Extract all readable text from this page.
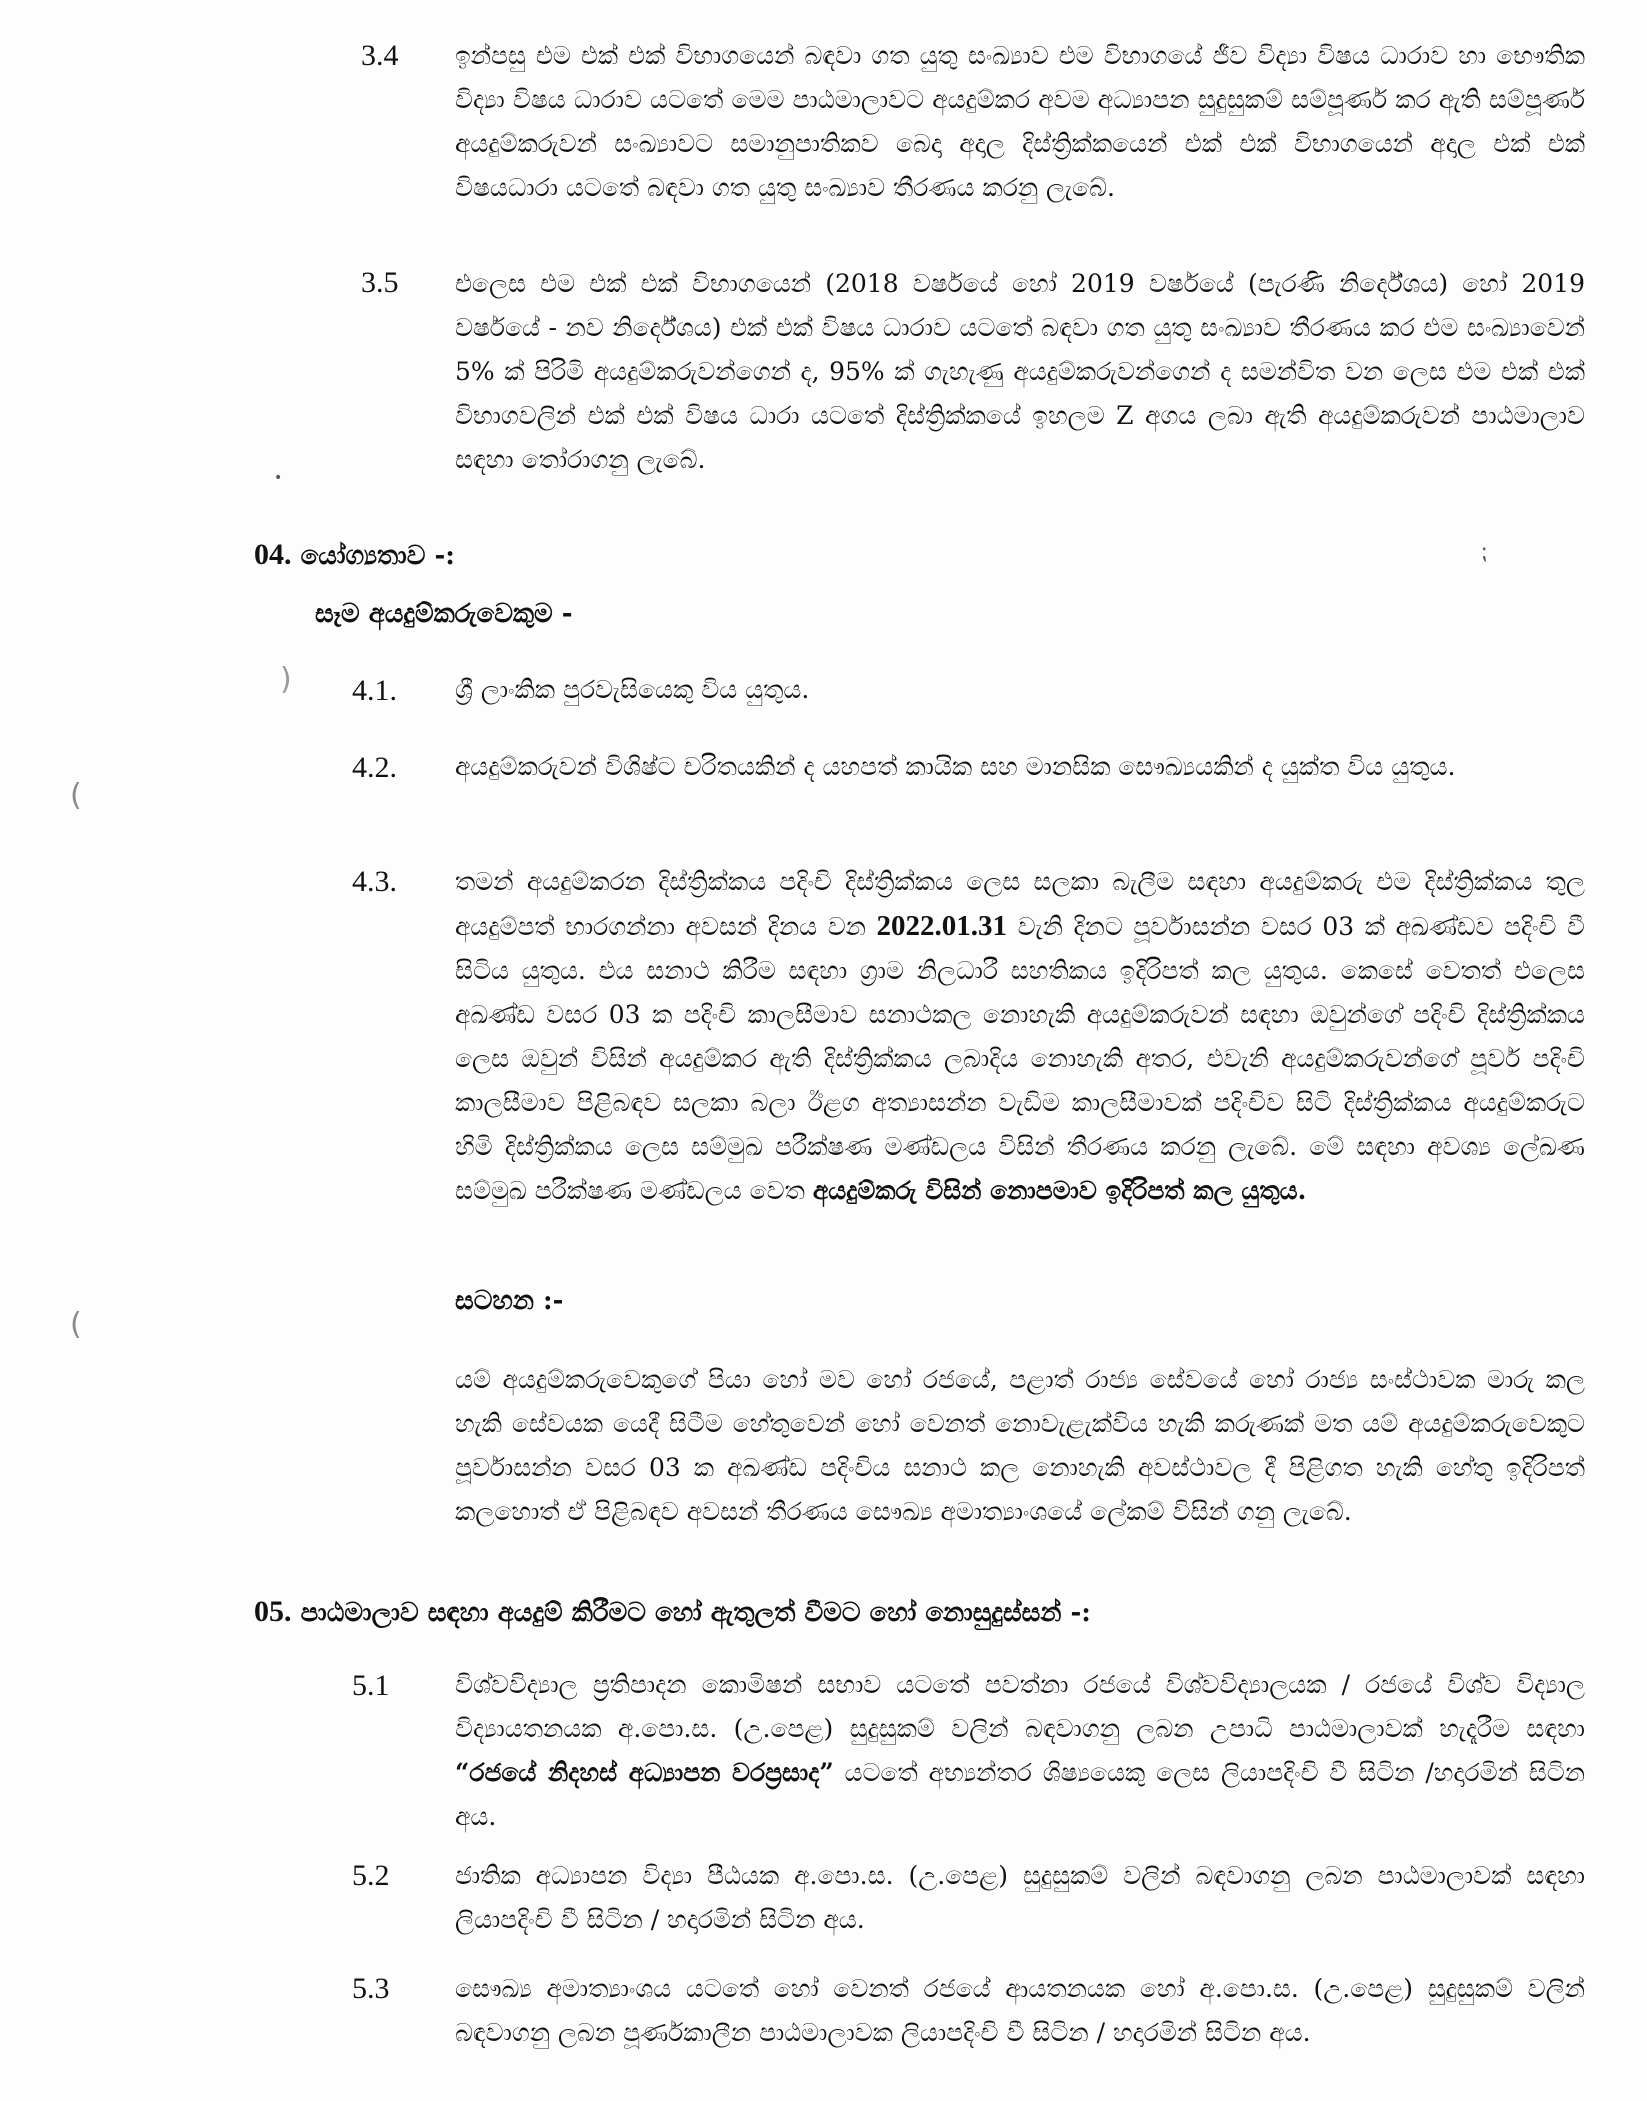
3.4 ඉන්පසු එම එක් එක් විභාගයෙන් බඳවා ගත යුතු සංඛ්‍යාව එම විභාගයේ ජීව විද්‍යා විෂය ධාරාව හා භෞතික විද්‍යා විෂය ධාරාව යටතේ මෙම පාඨමාලාවට අයදුම්කර අවම අධ්‍යාපන සුදුසුකම් සම්පූර්ණ කර ඇති සම්පූර්ණ අයදුම්කරුවන් සංඛ්‍යාවට සමානුපාතිකව බෙදා අදාල දිස්ත්‍රික්කයෙන් එක් එක් විභාගයෙන් අදාල එක් එක් විෂයධාරා යටතේ බඳවා ගත යුතු සංඛ්‍යාව තීරණය කරනු ලැබේ.
3.5 එලෙස එම එක් එක් විභාගයෙන් (2018 වර්ෂයේ හෝ 2019 වර්ෂයේ (පැරණි නිර්දේශය) හෝ 2019 වර්ෂයේ - නව නිර්දේශය) එක් එක් විෂය ධාරාව යටතේ බඳවා ගත යුතු සංඛ්‍යාව තීරණය කර එම සංඛ්‍යාවෙන් 5% ක් පිරිමි අයදුම්කරුවන්ගෙන් ද, 95% ක් ගැහැණු අයදුම්කරුවන්ගෙන් ද සමන්විත වන ලෙස එම එක් එක් විභාගවලින් එක් එක් විෂය ධාරා යටතේ දිස්ත්‍රික්කයේ ඉහලම Z අගය ලබා ඇති අයදුම්කරුවන් පාඨමාලාව සඳහා තෝරාගනු ලැබේ.
04. යෝග්‍යතාව -:
සෑම අයදුම්කරුවෙකුම -
4.1. ශ්‍රී ලාංකික පුරවැසියෙකු විය යුතුය.
4.2. අයදුම්කරුවන් විශිෂ්ට චරිතයකින් ද යහපත් කායික සහ මානසික සෞඛ්‍යයකින් ද යුක්ත විය යුතුය.
4.3. තමන් අයදුම්කරන දිස්ත්‍රික්කය පදිංචි දිස්ත්‍රික්කය ලෙස සලකා බැලීම සඳහා අයදුම්කරු එම දිස්ත්‍රික්කය තුල අයදුම්පත් භාරගන්නා අවසන් දිනය වන 2022.01.31 වැනි දිනට පූර්වාසන්න වසර 03 ක් අඛණ්ඩව පදිංචි වී සිටිය යුතුය. එය සනාථ කිරීම සඳහා ග්‍රාම නිලධාරී සහතිකය ඉදිරිපත් කල යුතුය. කෙසේ වෙතත් එලෙස අඛණ්ඩ වසර 03 ක පදිංචි කාලසීමාව සනාථකල නොහැකි අයදුම්කරුවන් සඳහා ඔවුන්ගේ පදිංචි දිස්ත්‍රික්කය ලෙස ඔවුන් විසින් අයදුම්කර ඇති දිස්ත්‍රික්කය ලබාදිය නොහැකි අතර, එවැනි අයදුම්කරුවන්ගේ පූර්ව පදිංචි කාලසීමාව පිළිබඳව සලකා බලා ඊළග අත්‍යාසන්න වැඩිම කාලසීමාවක් පදිංචිව සිටි දිස්ත්‍රික්කය අයදුම්කරුට හිමි දිස්ත්‍රික්කය ලෙස සම්මුඛ පරීක්ෂණ මණ්ඩලය විසින් තීරණය කරනු ලැබේ. මේ සඳහා අවශ්‍ය ලේඛණ සම්මුඛ පරීක්ෂණ මණ්ඩලය වෙත අයදුම්කරු විසින් නොපමාව ඉදිරිපත් කල යුතුය.
සටහන :-
යම් අයදුම්කරුවෙකුගේ පියා හෝ මව හෝ රජයේ, පළාත් රාජ්‍ය සේවයේ හෝ රාජ්‍ය සංස්ථාවක මාරු කල හැකි සේවයක යෙදී සිටීම හේතුවෙන් හෝ වෙනත් නොවැළැක්විය හැකි කරුණක් මත යම් අයදුම්කරුවෙකුට පූර්වාසන්න වසර 03 ක අඛණ්ඩ පදිංචිය සනාථ කල නොහැකි අවස්ථාවල දී පිළිගත හැකි හේතු ඉදිරිපත් කලහොත් ඒ පිළිබඳව අවසන් තීරණය සෞඛ්‍ය අමාත්‍යාංශයේ ලේකම් විසින් ගනු ලැබේ.
05. පාඨමාලාව සඳහා අයදුම් කිරීමට හෝ ඇතුලත් වීමට හෝ නොසුදුස්සන් -:
5.1	විශ්වවිද්‍යාල ප්‍රතිපාදන කොමිෂන් සභාව යටතේ පවත්නා රජයේ විශ්වවිද්‍යාලයක / රජයේ විශ්ව විද්‍යාල විද්‍යායතනයක අ.පො.ස. (උ.පෙළ) සුදුසුකම් වලින් බඳවාගනු ලබන උපාධි පාඨමාලාවක් හැදෑරීම සඳහා “රජයේ නිදහස් අධ්‍යාපන වරප්‍රසාද” යටතේ අභ්‍යන්තර ශිෂ්‍යයෙකු ලෙස ලියාපදිංචි වී සිටින /හදාරමින් සිටින අය.
5.2	ජාතික අධ්‍යාපන විද්‍යා පීඨයක අ.පො.ස. (උ.පෙළ) සුදුසුකම් වලින් බඳවාගනු ලබන පාඨමාලාවක් සඳහා ලියාපදිංචි වී සිටින / හදාරමින් සිටින අය.
5.3	සෞඛ්‍ය අමාත්‍යාංශය යටතේ හෝ වෙනත් රජයේ ආයතනයක හෝ අ.පො.ස. (උ.පෙළ) සුදුසුකම් වලින් බඳවාගනු ලබන පූර්ණකාලීන පාඨමාලාවක ලියාපදිංචි වී සිටින / හදාරමින් සිටින අය.
•
⁏
)
(
(
